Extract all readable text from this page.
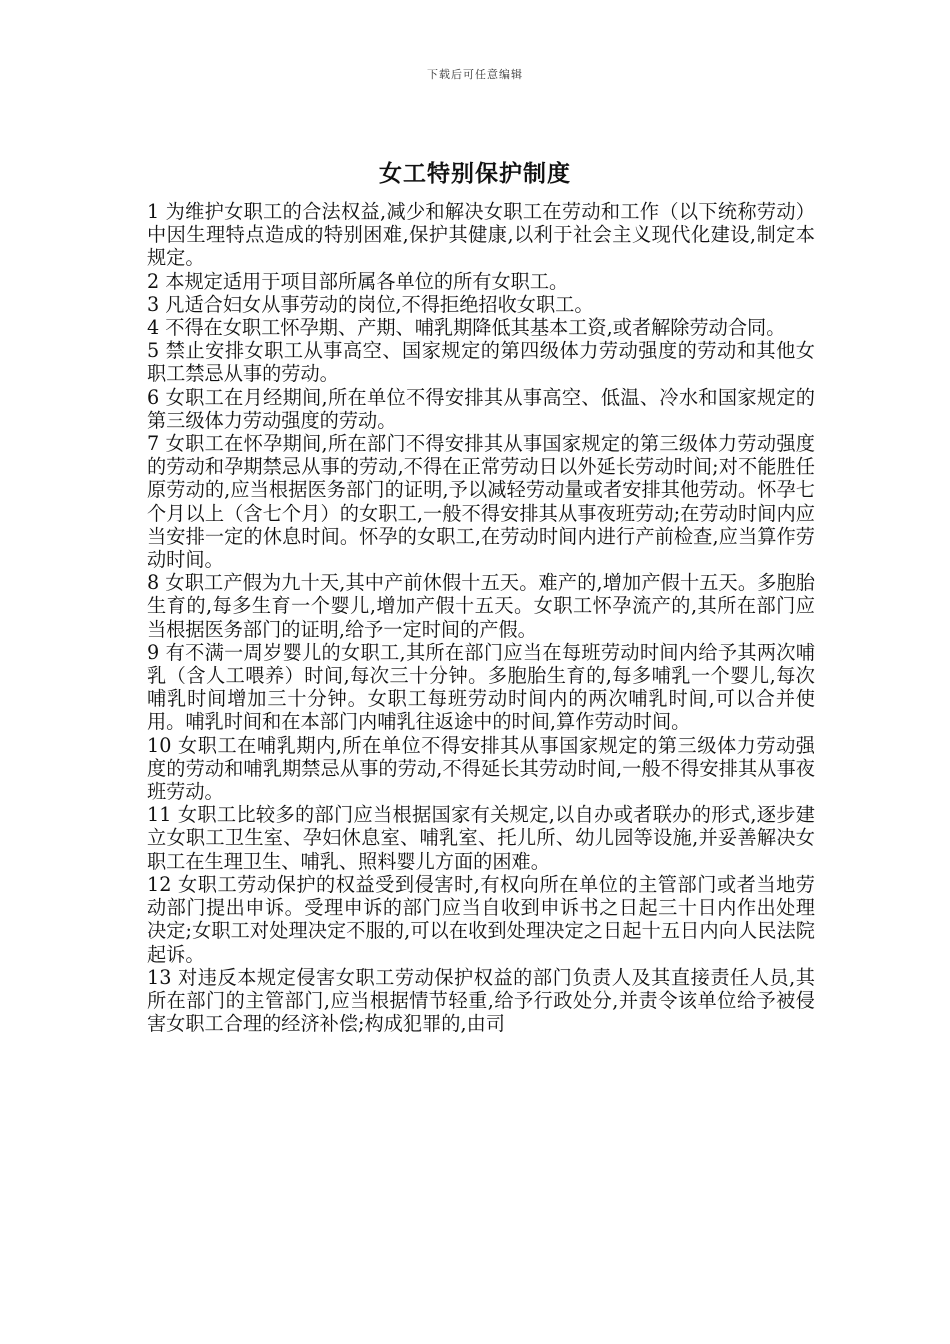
下载后可任意编辑
女工特别保护制度

1 为维护女职工的合法权益,减少和解决女职工在劳动和工作（以下统称劳动）中因生理特点造成的特别困难,保护其健康,以利于社会主义现代化建设,制定本规定。

2 本规定适用于项目部所属各单位的所有女职工。

3 凡适合妇女从事劳动的岗位,不得拒绝招收女职工。

4 不得在女职工怀孕期、产期、哺乳期降低其基本工资,或者解除劳动合同。

5 禁止安排女职工从事高空、国家规定的第四级体力劳动强度的劳动和其他女职工禁忌从事的劳动。

6 女职工在月经期间,所在单位不得安排其从事高空、低温、冷水和国家规定的第三级体力劳动强度的劳动。

7 女职工在怀孕期间,所在部门不得安排其从事国家规定的第三级体力劳动强度的劳动和孕期禁忌从事的劳动,不得在正常劳动日以外延长劳动时间;对不能胜任原劳动的,应当根据医务部门的证明,予以减轻劳动量或者安排其他劳动。怀孕七个月以上（含七个月）的女职工,一般不得安排其从事夜班劳动;在劳动时间内应当安排一定的休息时间。怀孕的女职工,在劳动时间内进行产前检查,应当算作劳动时间。

8 女职工产假为九十天,其中产前休假十五天。难产的,增加产假十五天。多胞胎生育的,每多生育一个婴儿,增加产假十五天。女职工怀孕流产的,其所在部门应当根据医务部门的证明,给予一定时间的产假。

9 有不满一周岁婴儿的女职工,其所在部门应当在每班劳动时间内给予其两次哺乳（含人工喂养）时间,每次三十分钟。多胞胎生育的,每多哺乳一个婴儿,每次哺乳时间增加三十分钟。女职工每班劳动时间内的两次哺乳时间,可以合并使用。哺乳时间和在本部门内哺乳往返途中的时间,算作劳动时间。

10 女职工在哺乳期内,所在单位不得安排其从事国家规定的第三级体力劳动强度的劳动和哺乳期禁忌从事的劳动,不得延长其劳动时间,一般不得安排其从事夜班劳动。

11 女职工比较多的部门应当根据国家有关规定,以自办或者联办的形式,逐步建立女职工卫生室、孕妇休息室、哺乳室、托儿所、幼儿园等设施,并妥善解决女职工在生理卫生、哺乳、照料婴儿方面的困难。

12 女职工劳动保护的权益受到侵害时,有权向所在单位的主管部门或者当地劳动部门提出申诉。受理申诉的部门应当自收到申诉书之日起三十日内作出处理决定;女职工对处理决定不服的,可以在收到处理决定之日起十五日内向人民法院起诉。

13 对违反本规定侵害女职工劳动保护权益的部门负责人及其直接责任人员,其所在部门的主管部门,应当根据情节轻重,给予行政处分,并责令该单位给予被侵害女职工合理的经济补偿;构成犯罪的,由司
